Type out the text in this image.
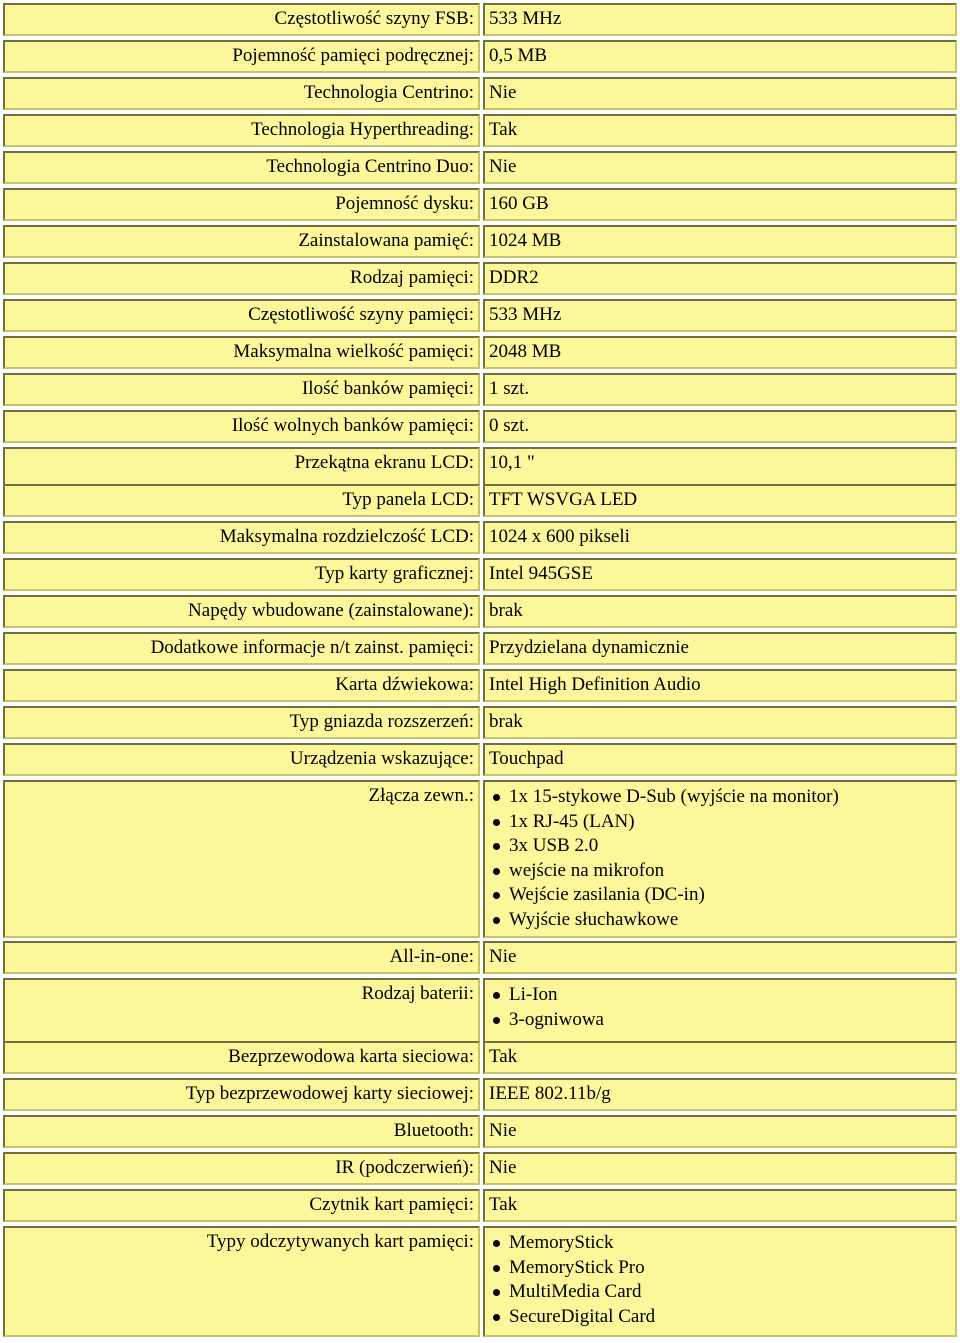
Częstotliwość szyny FSB: 533 MHz
Pojemność pamięci podręcznej: 0,5 MB
Technologia Centrino: Nie
Technologia Hyperthreading: Tak
Technologia Centrino Duo: Nie
Pojemność dysku: 160 GB
Zainstalowana pamięć: 1024 MB
Rodzaj pamięci: DDR2
Częstotliwość szyny pamięci: 533 MHz
Maksymalna wielkość pamięci: 2048 MB
Ilość banków pamięci: 1 szt.
Ilość wolnych banków pamięci: 0 szt.
Przekątna ekranu LCD: 10,1 "
Typ panela LCD: TFT WSVGA LED
Maksymalna rozdzielczość LCD: 1024 x 600 pikseli
Typ karty graficznej: Intel 945GSE
Napędy wbudowane (zainstalowane): brak
Dodatkowe informacje n/t zainst. pamięci: Przydzielana dynamicznie
Karta dźwiekowa: Intel High Definition Audio
Typ gniazda rozszerzeń: brak
Urządzenia wskazujące: Touchpad
Złącza zewn.:	1x 15-stykowe D-Sub (wyjście na monitor)
1x RJ-45 (LAN)
3x USB 2.0
wejście na mikrofon
Wejście zasilania (DC-in)
Wyjście słuchawkowe
All-in-one: Nie
Rodzaj baterii:	Li-Ion
3-ogniwowa
Bezprzewodowa karta sieciowa: Tak
Typ bezprzewodowej karty sieciowej: IEEE 802.11b/g
Bluetooth: Nie
IR (podczerwień): Nie
Czytnik kart pamięci: Tak
Typy odczytywanych kart pamięci:	MemoryStick
MemoryStick Pro
MultiMedia Card
SecureDigital Card
